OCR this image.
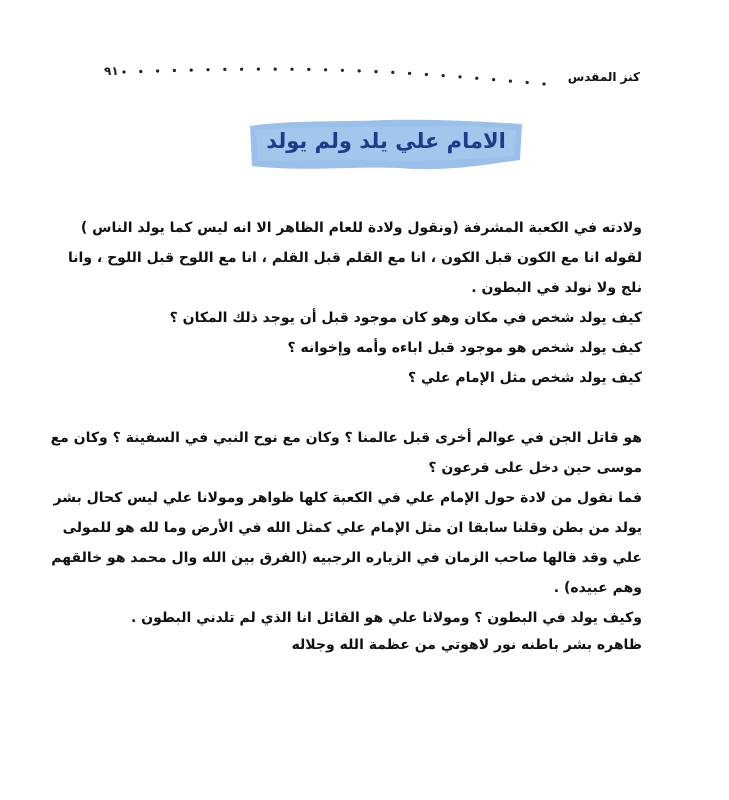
٩١	كنز المقدس
الامام علي يلد ولم يولد

ولادته في الكعبة المشرفة (ونقول ولادة للعام الظاهر الا انه ليس كما يولد الناس )

لقوله انا مع الكون قبل الكون ، انا مع القلم قبل القلم ، انا مع اللوح قبل اللوح ، وانا

نلج ولا نولد في البطون .

كيف يولد شخص في مكان وهو كان موجود قبل أن يوجد ذلك المكان ؟

كيف يولد شخص هو موجود قبل اباءه وأمه وإخوانه ؟

كيف يولد شخص مثل الإمام علي ؟

هو قاتل الجن في عوالم أخرى قبل عالمنا ؟ وكان مع نوح النبي في السفينة ؟ وكان مع

موسى حين دخل على فرعون ؟

فما نقول من لادة حول الإمام علي في الكعبة كلها ظواهر ومولانا علي ليس كحال بشر

يولد من بطن وقلنا سابقا ان مثل الإمام علي كمثل الله في الأرض وما لله هو للمولى

علي وقد قالها صاحب الزمان في الزياره الرجبيه (الفرق بين الله وال محمد هو خالقهم

وهم عبيده) .

وكيف يولد في البطون ؟ ومولانا علي هو القائل انا الذي لم تلدني البطون .

ظاهره بشر باطنه نور لاهوتي من عظمة الله وجلاله
